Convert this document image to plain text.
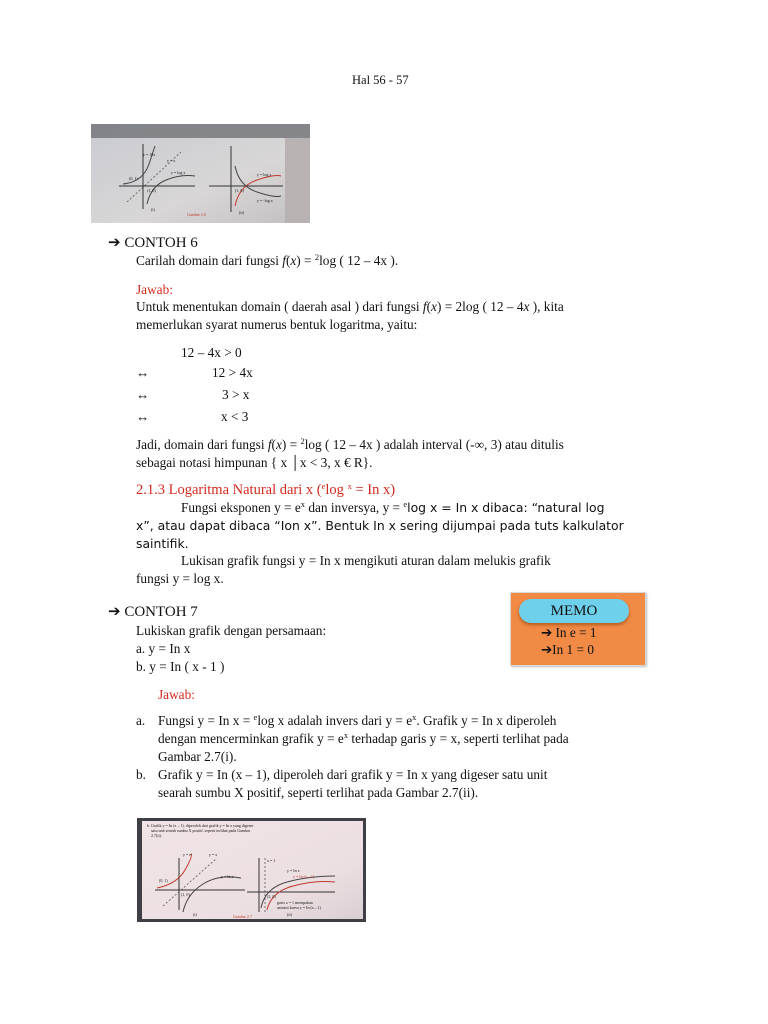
Hal 56 - 57
y = 10x
y = x
(0, 1)
(1, 0)
y = log x	y = log x
(1, 0)
y = -log x
(i)
(ii)
Gambar 2.6
➔ CONTOH 6
Carilah domain dari fungsi f(x) = $^2$log ( 12 – 4x ).
Jawab:
Untuk menentukan domain ( daerah asal ) dari fungsi f(x) = 2log ( 12 – 4x ), kita
memerlukan syarat numerus bentuk logaritma, yaitu:
12 – 4x > 0
↔	12 > 4x
↔	3 > x
↔	x < 3
Jadi, domain dari fungsi f(x) = $^2$log ( 12 – 4x ) adalah interval (-∞, 3) atau ditulis
sebagai notasi himpunan { x │x < 3, x € R}.
2.1.3 Logaritma Natural dari x ($^e$log $^x$ = In x)
Fungsi eksponen $y = e^x$ dan inversya, y = $^e$log x = In x dibaca: “natural log
x”, atau dapat dibaca “Ion x”. Bentuk In x sering dijumpai pada tuts kalkulator
saintifik.
Lukisan grafik fungsi y = In x mengikuti aturan dalam melukis grafik
fungsi y = log x.
MEMO
➔ In e = 1
➔In 1 = 0
➔ CONTOH 7
Lukiskan grafik dengan persamaan:
a. y = In x
b. y = In ( x - 1 )
Jawab:
a. Fungsi y = In x = $^e$log x adalah invers dari $y = e^x$. Grafik y = In x diperoleh
dengan mencerminkan grafik $y = e^x$ terhadap garis y = x, seperti terlihat pada
Gambar 2.7(i).
b. Grafik y = In (x – 1), diperoleh dari grafik y = In x yang digeser satu unit
searah sumbu X positif, seperti terlihat pada Gambar 2.7(ii).
b. Grafik y = In (x – 1), diperoleh dari grafik y = In x yang digeser
satu unit searah sumbu X positif, seperti terlihat pada Gambar
2.7(ii).
y = eˣ	y = x
y = In x
(0, 1)
(1, 0)
x = 1
y = In x
y = In (x – 1)
(2, 0)
garis x = 1 merupakan
asimtot kurva y = In (x – 1)
(i)	(ii)
Gambar 2.7
